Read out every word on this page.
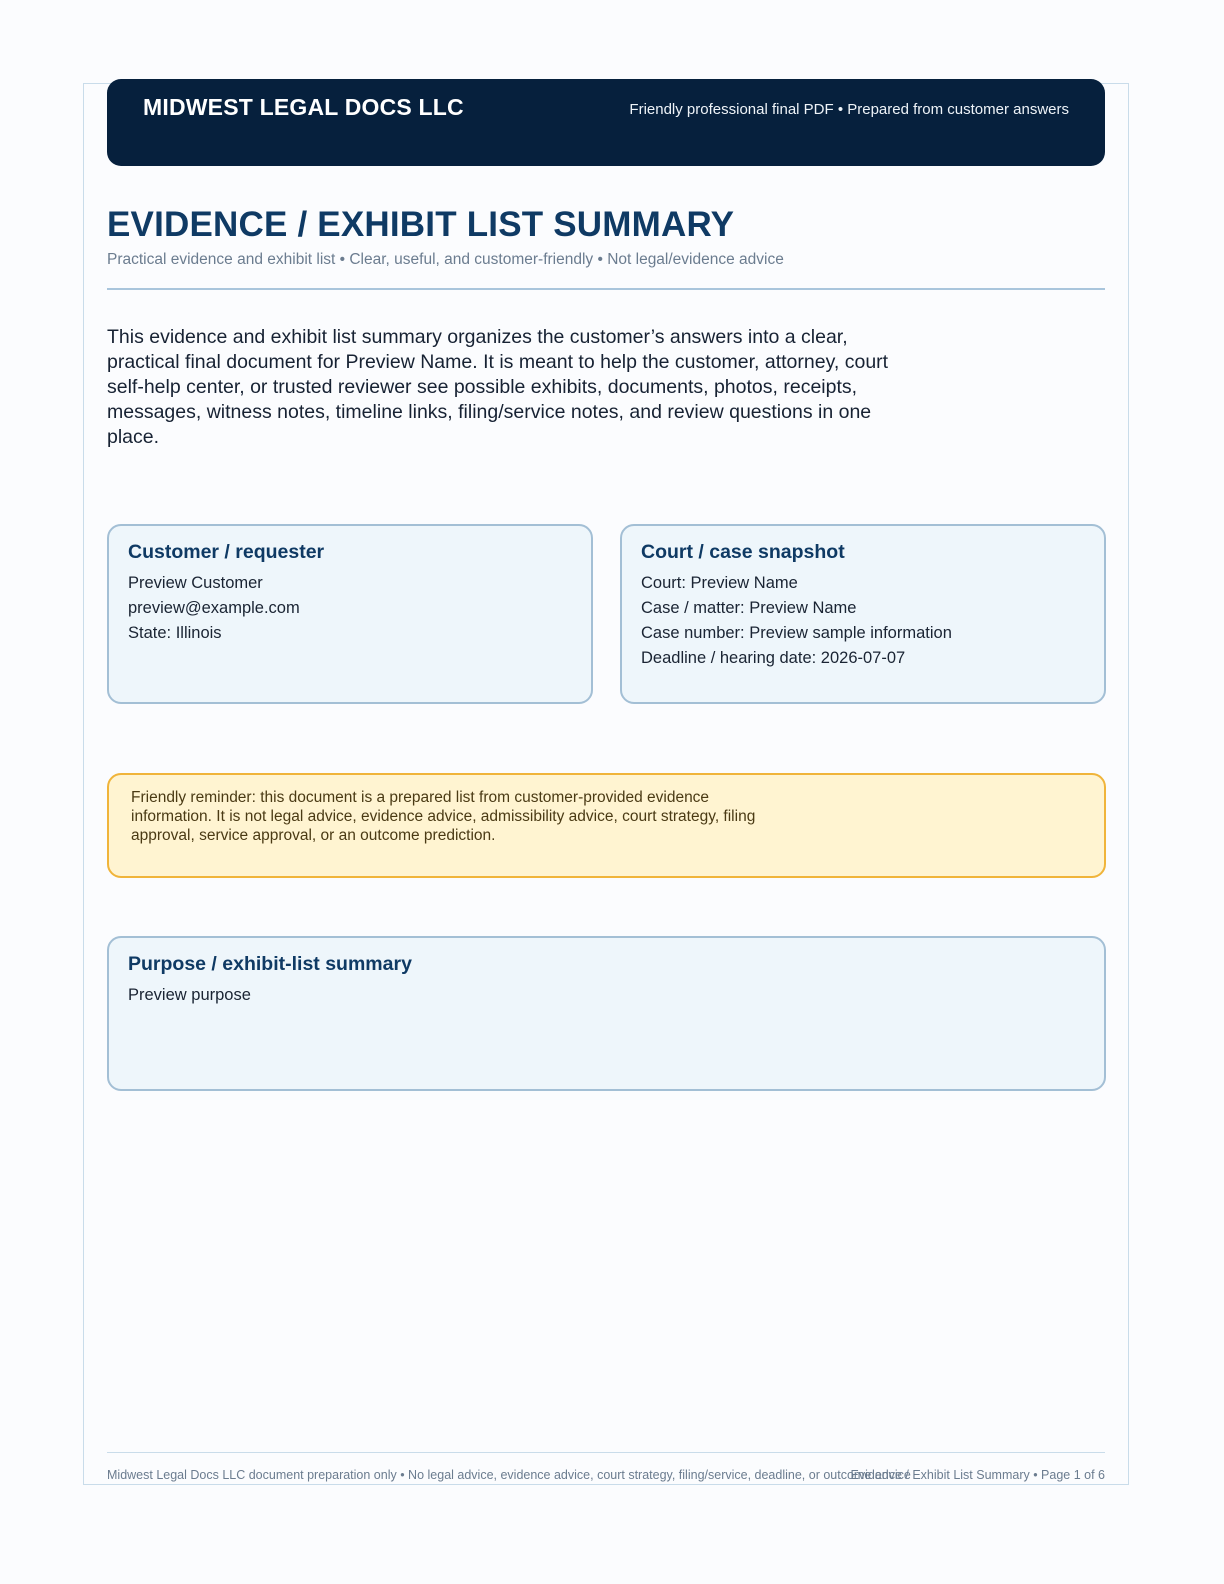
MIDWEST LEGAL DOCS LLC	Friendly professional final PDF • Prepared from customer answers
EVIDENCE / EXHIBIT LIST SUMMARY
Practical evidence and exhibit list • Clear, useful, and customer-friendly • Not legal/evidence advice
This evidence and exhibit list summary organizes the customer’s answers into a clear, practical final document for Preview Name. It is meant to help the customer, attorney, court self-help center, or trusted reviewer see possible exhibits, documents, photos, receipts, messages, witness notes, timeline links, filing/service notes, and review questions in one place.
Customer / requester
Preview Customer
preview@example.com
State: Illinois
Court / case snapshot
Court: Preview Name
Case / matter: Preview Name
Case number: Preview sample information
Deadline / hearing date: 2026-07-07
Friendly reminder: this document is a prepared list from customer-provided evidence information. It is not legal advice, evidence advice, admissibility advice, court strategy, filing approval, service approval, or an outcome prediction.
Purpose / exhibit-list summary
Preview purpose
Midwest Legal Docs LLC document preparation only • No legal advice, evidence advice, court strategy, filing/service, deadline, or outcome advice
Evidence / Exhibit List Summary • Page 1 of 6
